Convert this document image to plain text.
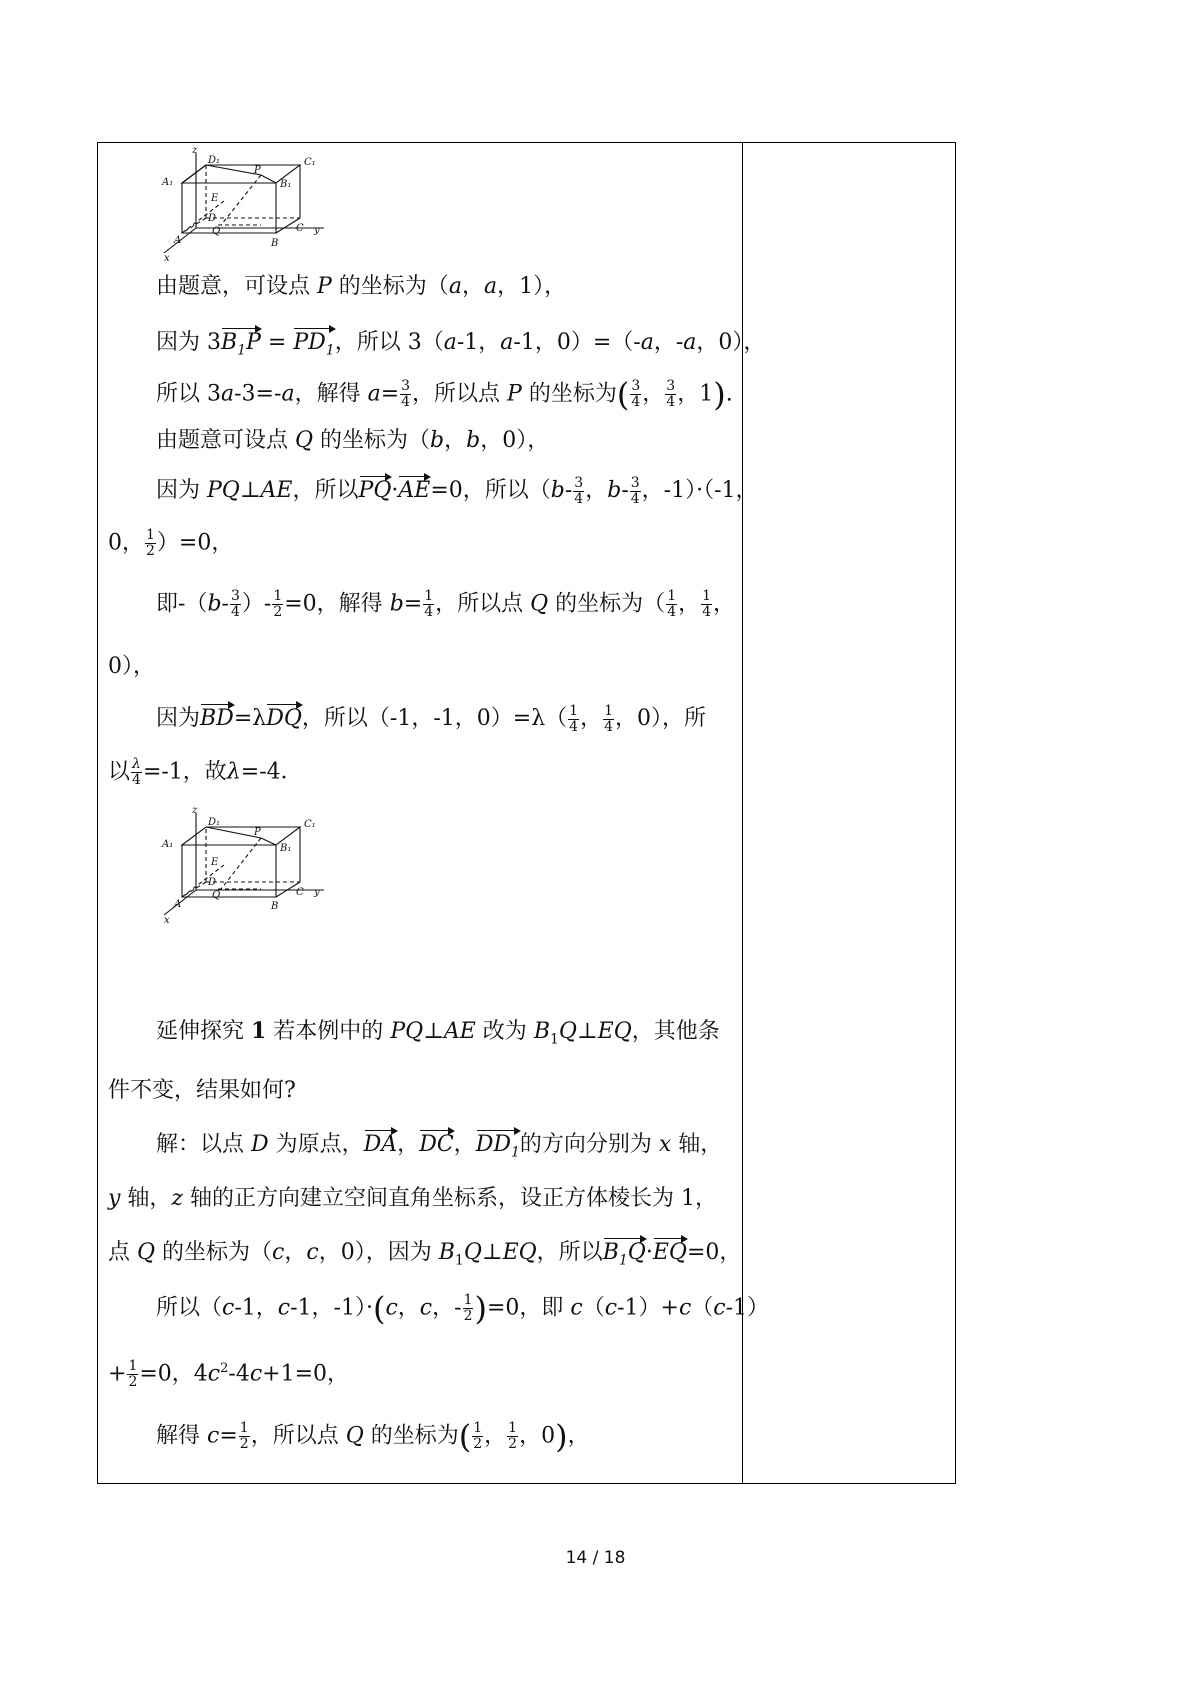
z
D₁
P
C₁
A₁	B₁
E
D
Q	C
A	B
y
x
由题意，可设点 P 的坐标为（a，a，1），
因为 $3B_1P = PD_1$，所以 3（a-1，a-1，0）=（-a，-a，0），
所以 3a-3=-a，解得 $a= \frac{3}{4}$ ，所以点 P 的坐标为( $\frac{3}{4}$ ， $\frac{3}{4}$ ，1).
由题意可设点 Q 的坐标为（b，b，0），
因为 PQ⊥AE，所以PQ·AE=0，所以（$b- \frac{3}{4}$ ，$b- \frac{3}{4}$ ，-1）·（-1，
0， $\frac{1}{2} )=0$，
即$-(b- \frac{3}{4}$ ）- $\frac{1}{2} =0$，解得 $b= \frac{1}{4}$ ，所以点 Q 的坐标为（ $\frac{1}{4}$ ， $\frac{1}{4}$ ，
0），
因为BD=λDQ，所以（-1，-1，$0)=\lambda( \frac{1}{4}$ ， $\frac{1}{4}$ ，0），所
以 $\frac{\lambda}{4} =-1$，故λ=-4．
z
D₁
P
C₁
A₁	B₁
E
D
Q	C
A	B
y
x
延伸探究 1 若本例中的 PQ⊥AE 改为 $B_1Q\perp EQ$，其他条
件不变，结果如何?
解：以点 D 为原点，DA，DC，$DD_1$的方向分别为 x 轴，
y 轴，z 轴的正方向建立空间直角坐标系，设正方体棱长为 1，
点 Q 的坐标为（c，c，0），因为 $B_1Q\perp EQ$，所以$B_1Q\cdot EQ=0$，
所以（c-1，c-1，-1）·(c，c，- $\frac{1}{2} )=0$，即 c（c-1）+c（c-1）
+ $\frac{1}{2} =0$，$4c^2-4c+1=0$，
解得 $c= \frac{1}{2}$ ，所以点 Q 的坐标为( $\frac{1}{2}$ ， $\frac{1}{2}$ ，0)，
14 / 18
